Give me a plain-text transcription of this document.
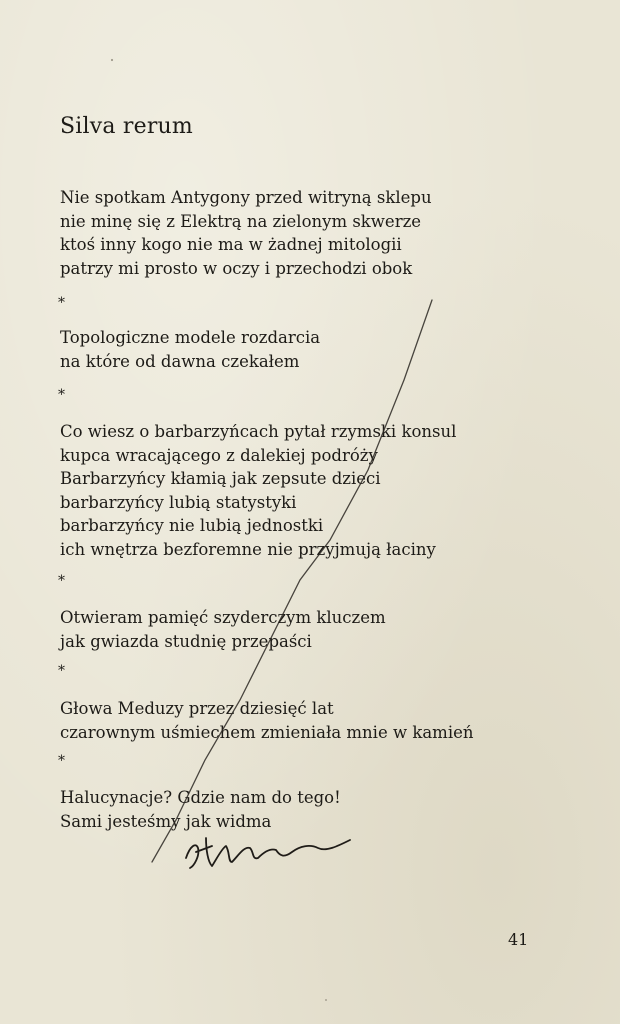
Silva rerum
Nie spotkam Antygony przed witryną sklepu
nie minę się z Elektrą na zielonym skwerze
ktoś inny kogo nie ma w żadnej mitologii
patrzy mi prosto w oczy i przechodzi obok
*
Topologiczne modele rozdarcia
na które od dawna czekałem
*
Co wiesz o barbarzyńcach pytał rzymski konsul
kupca wracającego z dalekiej podróży
Barbarzyńcy kłamią jak zepsute dzieci
barbarzyńcy lubią statystyki
barbarzyńcy nie lubią jednostki
ich wnętrza bezforemne nie przyjmują łaciny
*
Otwieram pamięć szyderczym kluczem
jak gwiazda studnię przepaści
*
Głowa Meduzy przez dziesięć lat
czarownym uśmiechem zmieniała mnie w kamień
*
Halucynacje? Gdzie nam do tego!
Sami jesteśmy jak widma
41
